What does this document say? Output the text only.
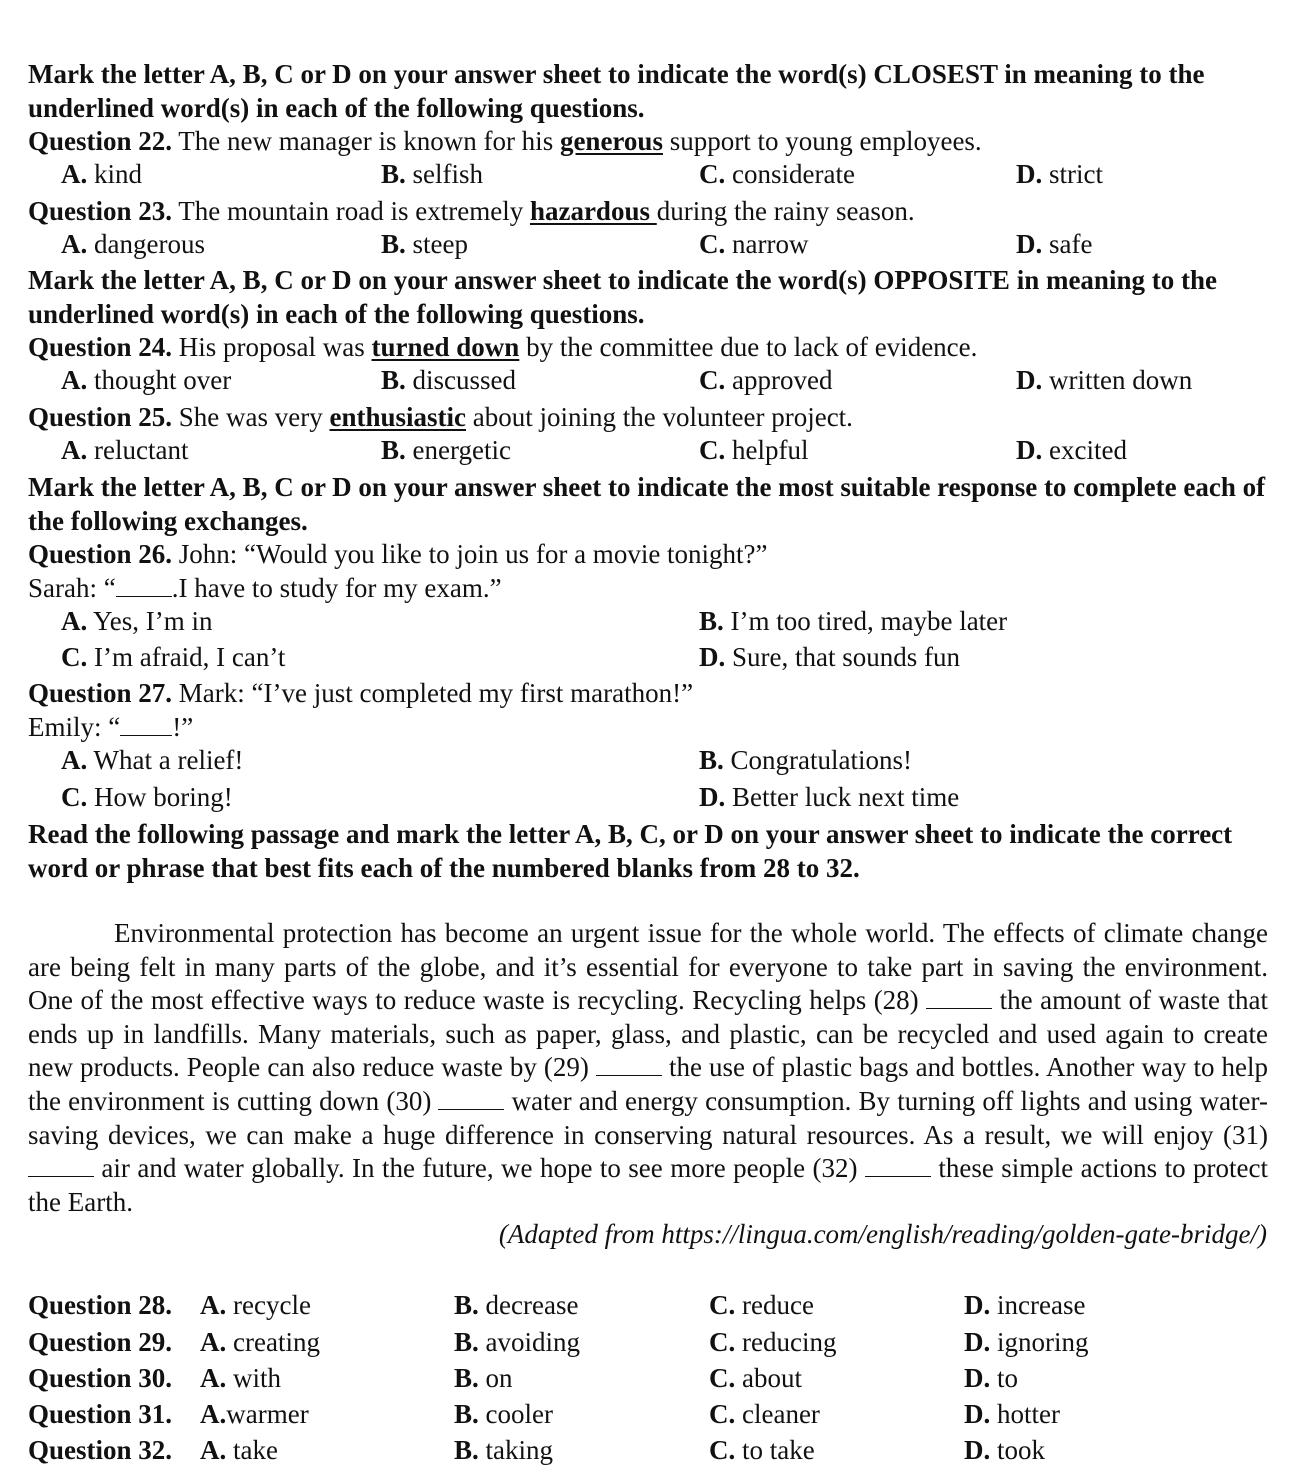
Mark the letter A, B, C or D on your answer sheet to indicate the word(s) CLOSEST in meaning to the underlined word(s) in each of the following questions.
Question 22. The new manager is known for his generous support to young employees.
A. kind	B. selfish	C. considerate	D. strict
Question 23. The mountain road is extremely hazardous during the rainy season.
A. dangerous	B. steep	C. narrow	D. safe
Mark the letter A, B, C or D on your answer sheet to indicate the word(s) OPPOSITE in meaning to the underlined word(s) in each of the following questions.
Question 24. His proposal was turned down by the committee due to lack of evidence.
A. thought over	B. discussed	C. approved	D. written down
Question 25. She was very enthusiastic about joining the volunteer project.
A. reluctant	B. energetic	C. helpful	D. excited
Mark the letter A, B, C or D on your answer sheet to indicate the most suitable response to complete each of the following exchanges.
Question 26. John: “Would you like to join us for a movie tonight?”
Sarah: “ .I have to study for my exam.”
A. Yes, I’m in	B. I’m too tired, maybe later
C. I’m afraid, I can’t	D. Sure, that sounds fun
Question 27. Mark: “I’ve just completed my first marathon!”
Emily: “ !”
A. What a relief!	B. Congratulations!
C. How boring!	D. Better luck next time
Read the following passage and mark the letter A, B, C, or D on your answer sheet to indicate the correct word or phrase that best fits each of the numbered blanks from 28 to 32.
Environmental protection has become an urgent issue for the whole world. The effects of climate change are being felt in many parts of the globe, and it’s essential for everyone to take part in saving the environment. One of the most effective ways to reduce waste is recycling. Recycling helps (28)  the amount of waste that ends up in landfills. Many materials, such as paper, glass, and plastic, can be recycled and used again to create new products. People can also reduce waste by (29)  the use of plastic bags and bottles. Another way to help the environment is cutting down (30)  water and energy consumption. By turning off lights and using water-saving devices, we can make a huge difference in conserving natural resources. As a result, we will enjoy (31)  air and water globally. In the future, we hope to see more people (32)  these simple actions to protect the Earth.
(Adapted from https://lingua.com/english/reading/golden-gate-bridge/)
Question 28. A. recycle	B. decrease	C. reduce	D. increase
Question 29. A. creating	B. avoiding	C. reducing	D. ignoring
Question 30. A. with	B. on	C. about	D. to
Question 31. A.warmer	B. cooler	C. cleaner	D. hotter
Question 32. A. take	B. taking	C. to take	D. took
